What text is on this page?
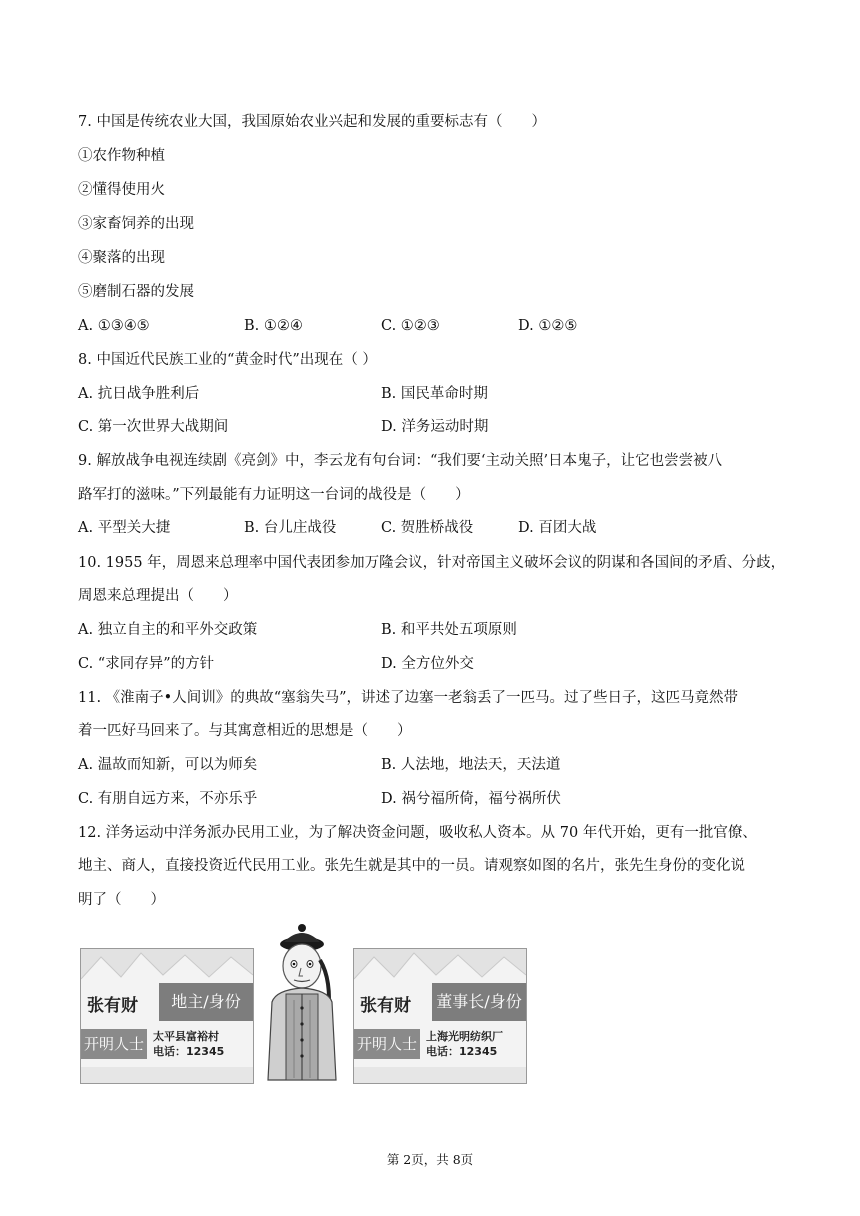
7. 中国是传统农业大国，我国原始农业兴起和发展的重要标志有（　　）
①农作物种植
②懂得使用火
③家畜饲养的出现
④聚落的出现
⑤磨制石器的发展
A. ①③④⑤	B. ①②④	C. ①②③	D. ①②⑤
8. 中国近代民族工业的“黄金时代”出现在（ ）
A. 抗日战争胜利后	B. 国民革命时期
C. 第一次世界大战期间	D. 洋务运动时期
9. 解放战争电视连续剧《亮剑》中，李云龙有句台词：“我们要‘主动关照’日本鬼子，让它也尝尝被八
路军打的滋味。”下列最能有力证明这一台词的战役是（　　）
A. 平型关大捷	B. 台儿庄战役	C. 贺胜桥战役	D. 百团大战
10. 1955 年，周恩来总理率中国代表团参加万隆会议，针对帝国主义破坏会议的阴谋和各国间的矛盾、分歧，
周恩来总理提出（　　）
A. 独立自主的和平外交政策	B. 和平共处五项原则
C. “求同存异”的方针	D. 全方位外交
11. 《淮南子•人间训》的典故“塞翁失马”，讲述了边塞一老翁丢了一匹马。过了些日子，这匹马竟然带
着一匹好马回来了。与其寓意相近的思想是（　　）
A. 温故而知新，可以为师矣	B. 人法地，地法天，天法道
C. 有朋自远方来，不亦乐乎	D. 祸兮福所倚，福兮祸所伏
12. 洋务运动中洋务派办民用工业，为了解决资金问题，吸收私人资本。从 70 年代开始，更有一批官僚、
地主、商人，直接投资近代民用工业。张先生就是其中的一员。请观察如图的名片，张先生身份的变化说
明了（　　）
张有财	地主/身份
开明人士 太平县富裕村
电话：12345
张有财 董事长/身份
开明人士 上海光明纺织厂
电话：12345
第 2页，共 8页
